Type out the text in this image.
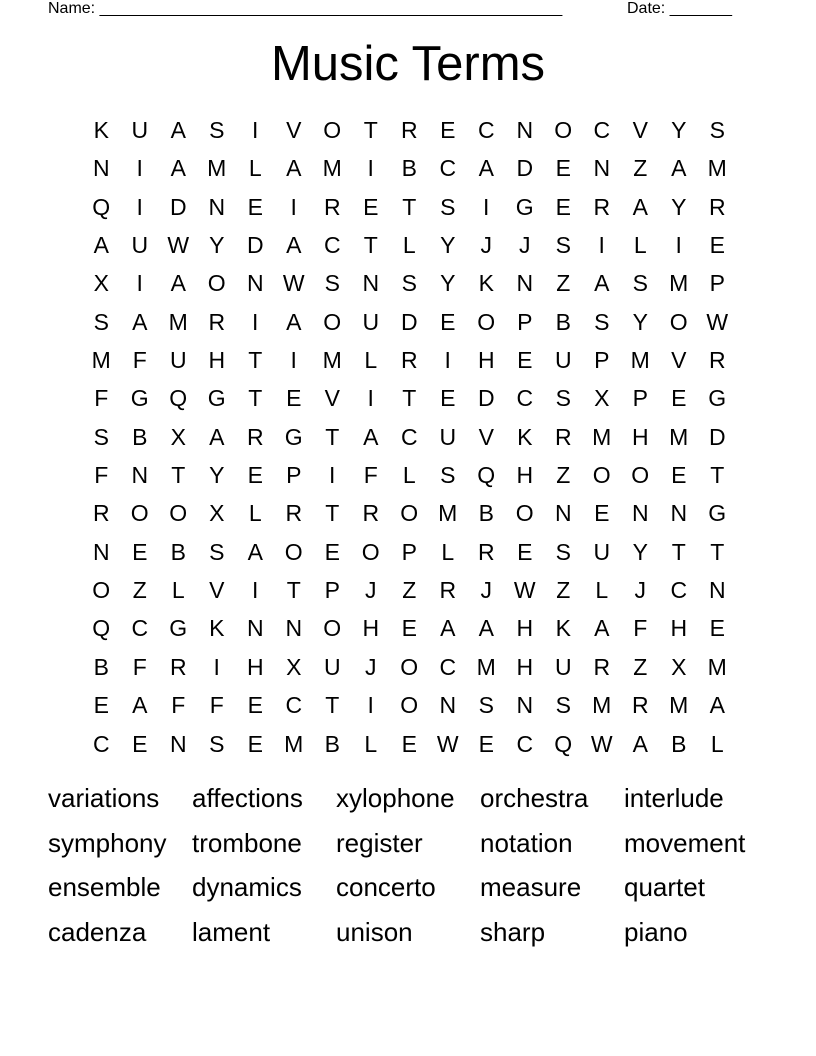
Name: ____________________________________________________	Date: _______
Music Terms
K U A	S	I	V O T	R E C N O C V	Y	S
N	I	A M L	A M	I	B C A D E N	Z	A M
Q	I	D N E	I	R E	T	S	I	G E R A	Y R
A U W Y D A C	T	L	Y	J	J	S	I	L	I	E
X	I	A O N W S N S	Y	K N	Z	A	S M P
S	A M R	I	A O U D E O P	B	S	Y O W
M F	U H	T	I	M L	R	I	H E U P M V R
F G Q G T	E	V	I	T	E D C S	X	P	E G
S	B	X	A R G T	A C U V	K R M H M D
F	N	T	Y	E	P	I	F	L	S Q H	Z O O E	T
R O O X	L	R	T	R O M B O N E N N G
N E	B	S	A O E O P	L	R E	S U Y	T	T
O Z	L	V	I	T	P	J	Z	R	J W Z	L	J	C N
Q C G K N N O H E	A	A H K	A	F	H E
B	F	R	I	H X U	J	O C M H U R	Z	X M
E	A	F	F	E C	T	I	O N S N S M R M A
C E N S	E M B	L	E W E C Q W A	B	L
variations	affections	xylophone orchestra	interlude
symphony trombone	register	notation	movement
ensemble	dynamics	concerto	measure	quartet
cadenza	lament	unison	sharp	piano
